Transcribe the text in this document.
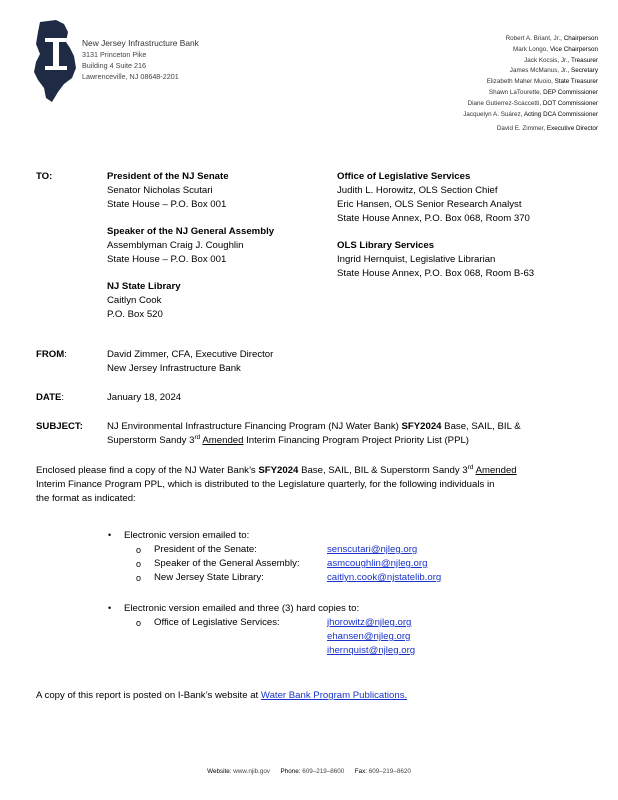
New Jersey Infrastructure Bank
3131 Princeton Pike
Building 4 Suite 216
Lawrenceville, NJ 08648-2201
Robert A. Briant, Jr., Chairperson
Mark Longo, Vice Chairperson
Jack Kocsis, Jr., Treasurer
James McManus, Jr., Secretary
Elizabeth Maher Muoio, State Treasurer
Shawn LaTourette, DEP Commissioner
Diane Gutierrez-Scaccetti, DOT Commissioner
Jacquelyn A. Suárez, Acting DCA Commissioner
David E. Zimmer, Executive Director
TO:	President of the NJ Senate
Senator Nicholas Scutari
State House – P.O. Box 001
Speaker of the NJ General Assembly
Assemblyman Craig J. Coughlin
State House – P.O. Box 001
NJ State Library
Caitlyn Cook
P.O. Box 520
Office of Legislative Services
Judith L. Horowitz, OLS Section Chief
Eric Hansen, OLS Senior Research Analyst
State House Annex, P.O. Box 068, Room 370
OLS Library Services
Ingrid Hernquist, Legislative Librarian
State House Annex, P.O. Box 068, Room B-63
FROM:	David Zimmer, CFA, Executive Director
New Jersey Infrastructure Bank
DATE:	January 18, 2024
SUBJECT:	NJ Environmental Infrastructure Financing Program (NJ Water Bank) SFY2024 Base, SAIL, BIL &
Superstorm Sandy 3rd Amended Interim Financing Program Project Priority List (PPL)
Enclosed please find a copy of the NJ Water Bank’s SFY2024 Base, SAIL, BIL & Superstorm Sandy 3rd Amended
Interim Finance Program PPL, which is distributed to the Legislature quarterly, for the following individuals in
the format as indicated:
• Electronic version emailed to:
o President of the Senate:	senscutari@njleg.org
o Speaker of the General Assembly:	asmcoughlin@njleg.org
o New Jersey State Library:	caitlyn.cook@njstatelib.org
• Electronic version emailed and three (3) hard copies to:
o Office of Legislative Services:	jhorowitz@njleg.org
ehansen@njleg.org
ihernquist@njleg.org
A copy of this report is posted on I-Bank’s website at Water Bank Program Publications.
Website: www.njib.gov Phone: 609–219–8600 Fax: 609–219–8620
